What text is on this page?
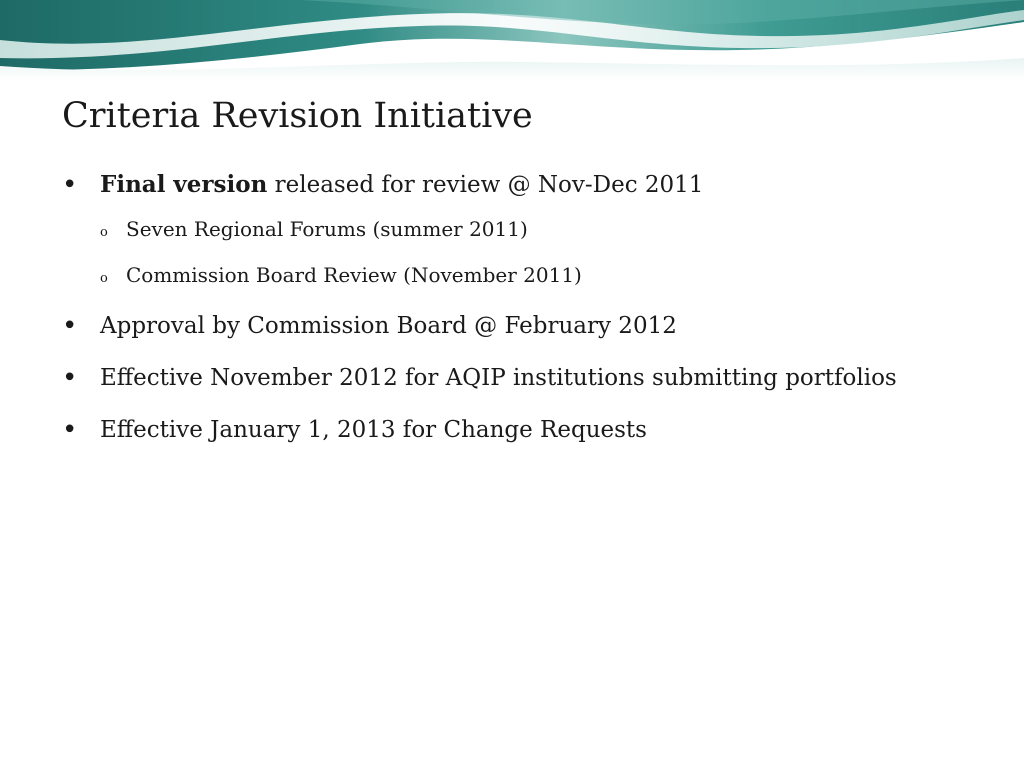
Criteria Revision Initiative
• Final version released for review @ Nov-Dec 2011
o Seven Regional Forums (summer 2011)
o Commission Board Review (November 2011)
• Approval by Commission Board @ February 2012
• Effective November 2012 for AQIP institutions submitting portfolios
• Effective January 1, 2013 for Change Requests
